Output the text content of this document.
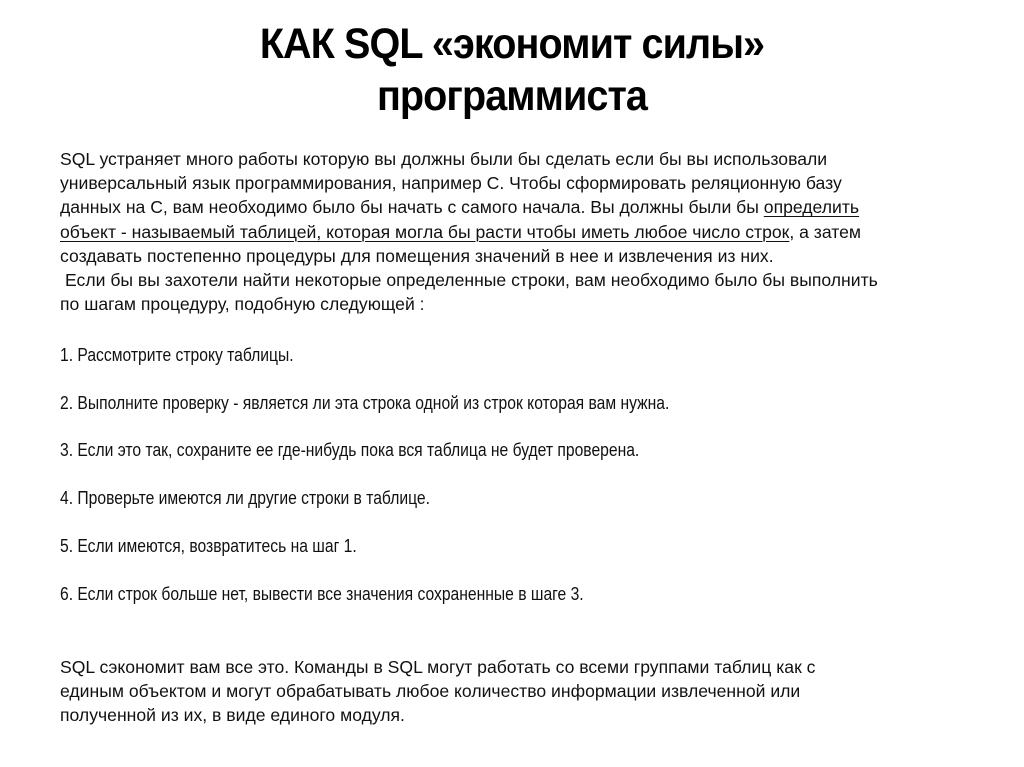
КАК SQL «экономит силы»
программиста
SQL устраняет много работы которую вы должны были бы сделать если бы вы использовали
универсальный язык программирования, например С. Чтобы сформировать реляционную базу
данных на С, вам необходимо было бы начать с самого начала. Вы должны были бы определить
объект - называемый таблицей, которая могла бы расти чтобы иметь любое число строк, а затем
создавать постепенно процедуры для помещения значений в нее и извлечения из них.
Если бы вы захотели найти некоторые определенные строки, вам необходимо было бы выполнить
по шагам процедуру, подобную следующей :
1. Рассмотрите строку таблицы.
2. Выполните проверку - является ли эта строка одной из строк которая вам нужна.
3. Если это так, сохраните ее где-нибудь пока вся таблица не будет проверена.
4. Проверьте имеются ли другие строки в таблице.
5. Если имеются, возвратитесь на шаг 1.
6. Если строк больше нет, вывести все значения сохраненные в шаге 3.
SQL сэкономит вам все это. Команды в SQL могут работать со всеми группами таблиц как с
единым объектом и могут обрабатывать любое количество информации извлеченной или
полученной из их, в виде единого модуля.
